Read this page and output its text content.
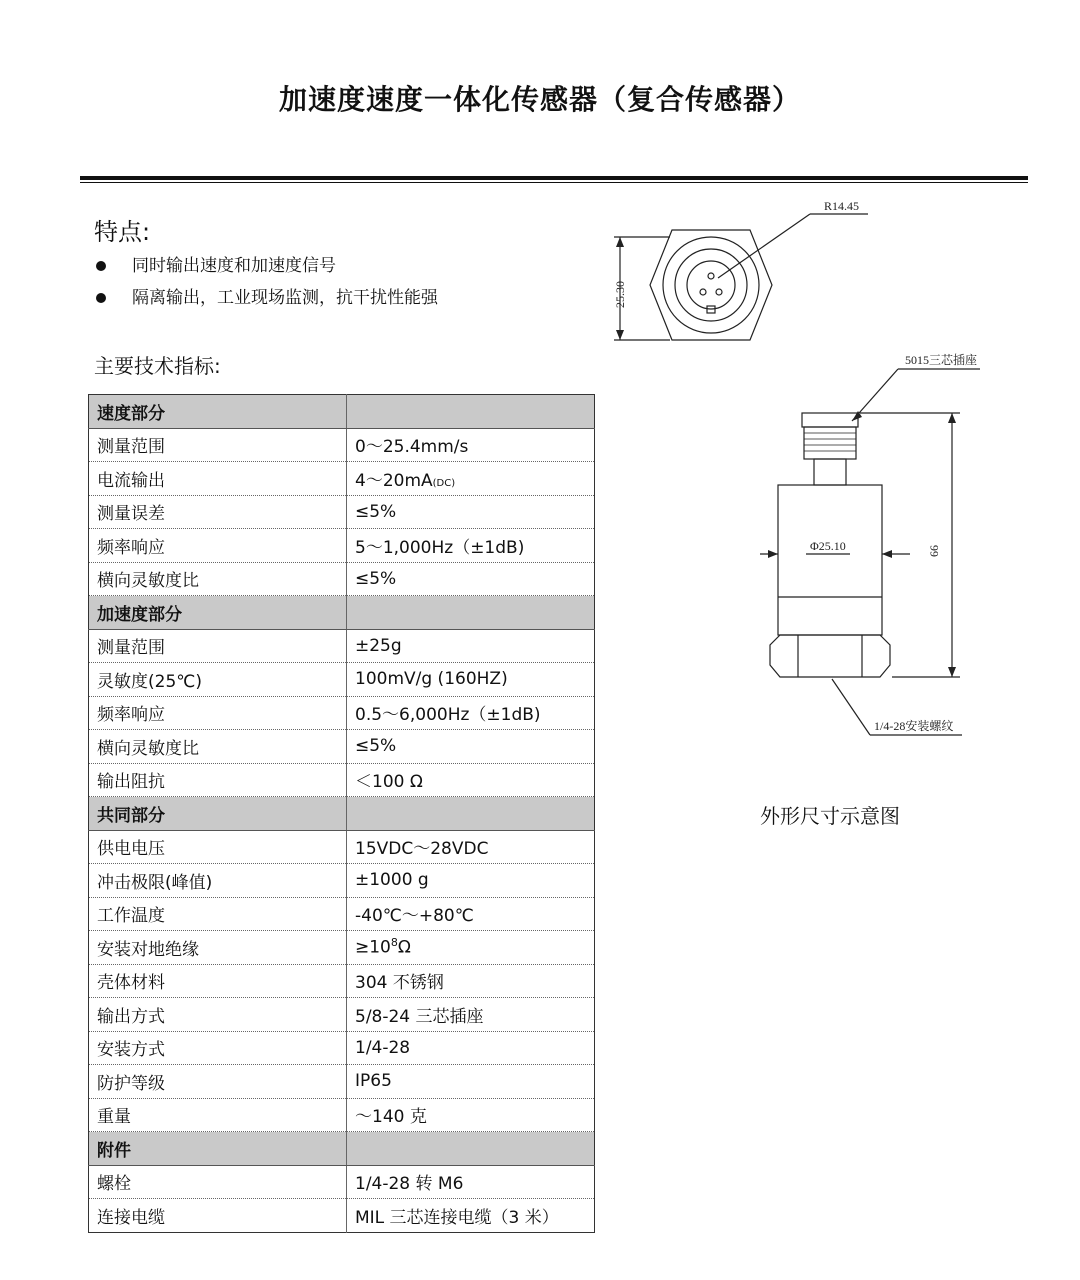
加速度速度一体化传感器（复合传感器）
特点:
同时输出速度和加速度信号
隔离输出，工业现场监测，抗干扰性能强
主要技术指标:
速度部分	
测量范围	0～25.4mm/s
电流输出	4～20mA(DC)
测量误差	≤5%
频率响应	5～1,000Hz（±1dB)
横向灵敏度比	≤5%
加速度部分	
测量范围	±25g
灵敏度(25℃)	100mV/g (160HZ)
频率响应	0.5～6,000Hz（±1dB)
横向灵敏度比	≤5%
输出阻抗	＜100 Ω
共同部分	
供电电压	15VDC～28VDC
冲击极限(峰值)	±1000 g
工作温度	-40℃～+80℃
安装对地绝缘	$\ge 10^8\Omega$
壳体材料	304 不锈钢
输出方式	5/8-24 三芯插座
安装方式	1/4-28
防护等级	IP65
重量	～140 克
附件	
螺栓	1/4-28 转 M6
连接电缆	MIL 三芯连接电缆（3 米）
R14.45
25.30
5015三芯插座
Φ25.10	66
1/4-28安装螺纹
外形尺寸示意图
